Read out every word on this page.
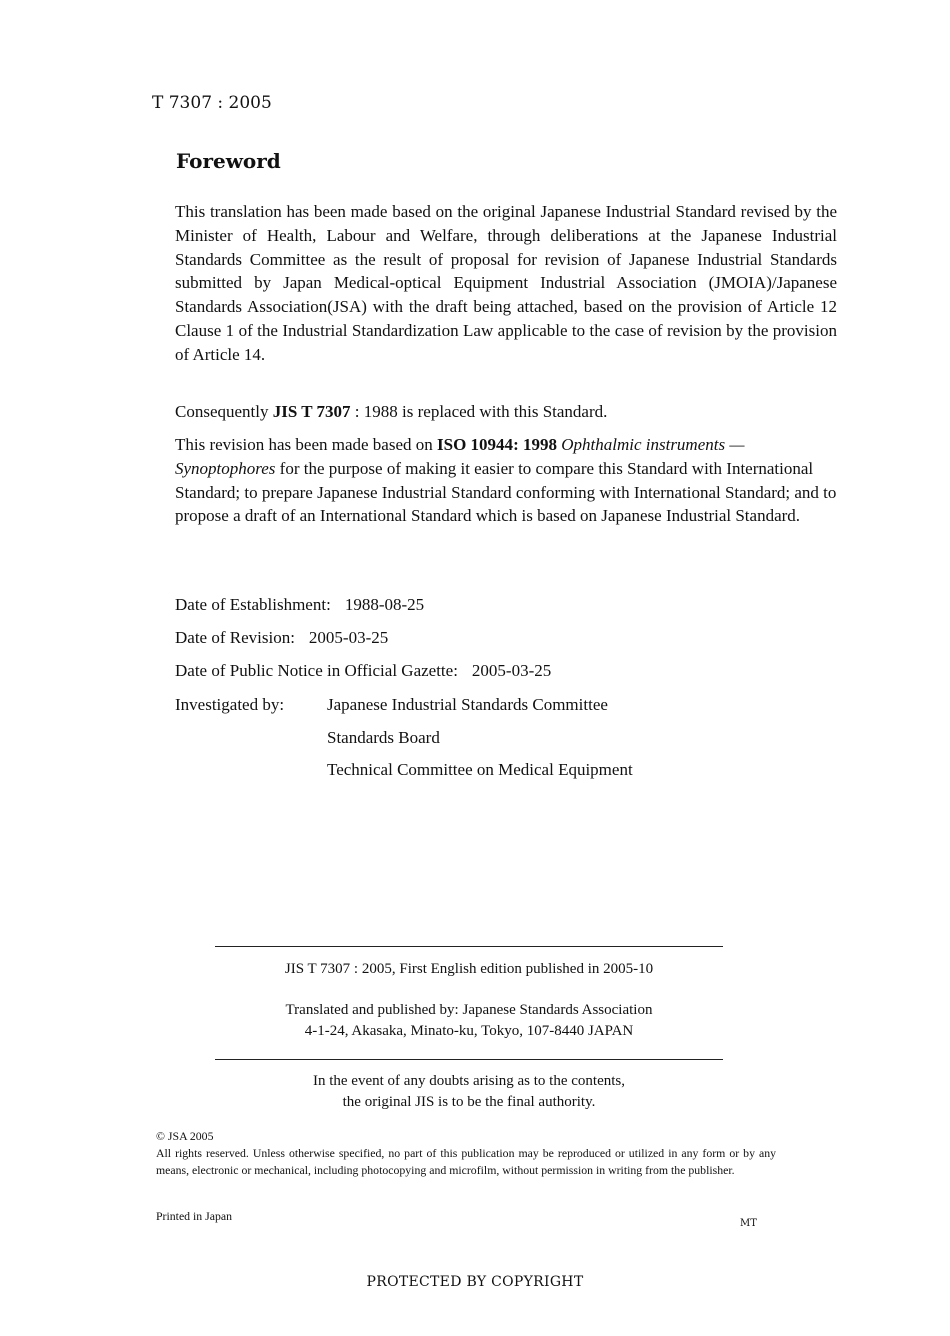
T 7307 : 2005
Foreword
This translation has been made based on the original Japanese Industrial Standard revised by the Minister of Health, Labour and Welfare, through deliberations at the Japanese Industrial Standards Committee as the result of proposal for revision of Japanese Industrial Standards submitted by Japan Medical-optical Equipment Industrial Association (JMOIA)/Japanese Standards Association(JSA) with the draft being attached, based on the provision of Article 12 Clause 1 of the Industrial Standardization Law applicable to the case of revision by the provision of Article 14.
Consequently JIS T 7307 : 1988 is replaced with this Standard.
This revision has been made based on ISO 10944: 1998 Ophthalmic instruments —Synoptophores for the purpose of making it easier to compare this Standard with International Standard; to prepare Japanese Industrial Standard conforming with International Standard; and to propose a draft of an International Standard which is based on Japanese Industrial Standard.
Date of Establishment: 1988-08-25
Date of Revision: 2005-03-25
Date of Public Notice in Official Gazette: 2005-03-25
Investigated by:	Japanese Industrial Standards Committee
Standards Board
Technical Committee on Medical Equipment
JIS T 7307 : 2005, First English edition published in 2005-10
Translated and published by: Japanese Standards Association
4-1-24, Akasaka, Minato-ku, Tokyo, 107-8440 JAPAN
In the event of any doubts arising as to the contents,
the original JIS is to be the final authority.
© JSA 2005
All rights reserved. Unless otherwise specified, no part of this publication may be reproduced or utilized in any form or by any means, electronic or mechanical, including photocopying and microfilm, without permission in writing from the publisher.
Printed in Japan
MT
PROTECTED BY COPYRIGHT
